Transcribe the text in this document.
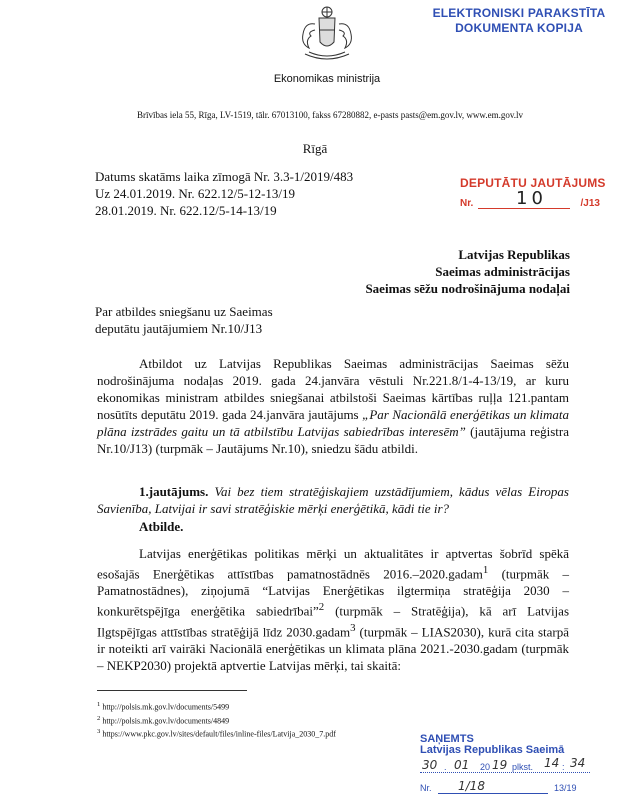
Ekonomikas ministrija
Brīvības iela 55, Rīga, LV-1519, tālr. 67013100, fakss 67280882, e-pasts pasts@em.gov.lv, www.em.gov.lv
ELEKTRONISKI PARAKSTĪTA
DOKUMENTA KOPIJA
Rīgā
Datums skatāms laika zīmogā Nr. 3.3-1/2019/483
Uz 24.01.2019. Nr. 622.12/5-12-13/19
28.01.2019. Nr. 622.12/5-14-13/19
DEPUTĀTU JAUTĀJUMS
Nr. 10	/J13
Latvijas Republikas
Saeimas administrācijas
Saeimas sēžu nodrošinājuma nodaļai
Par atbildes sniegšanu uz Saeimas
deputātu jautājumiem Nr.10/J13
Atbildot uz Latvijas Republikas Saeimas administrācijas Saeimas sēžu nodrošinājuma nodaļas 2019. gada 24.janvāra vēstuli Nr.221.8/1-4-13/19, ar kuru ekonomikas ministram atbildes sniegšanai atbilstoši Saeimas kārtības ruļļa 121.pantam nosūtīts deputātu 2019. gada 24.janvāra jautājums „Par Nacionālā enerģētikas un klimata plāna izstrādes gaitu un tā atbilstību Latvijas sabiedrības interesēm” (jautājuma reģistra Nr.10/J13) (turpmāk – Jautājums Nr.10), sniedzu šādu atbildi.
1.jautājums. Vai bez tiem stratēģiskajiem uzstādījumiem, kādus vēlas Eiropas Savienība, Latvijai ir savi stratēģiskie mērķi enerģētikā, kādi tie ir?
Atbilde.
Latvijas enerģētikas politikas mērķi un aktualitātes ir aptvertas šobrīd spēkā esošajās Enerģētikas attīstības pamatnostādnēs 2016.–2020.gadam$^1$ (turpmāk – Pamatnostādnes), ziņojumā “Latvijas Enerģētikas ilgtermiņa stratēģija 2030 – konkurētspējīga enerģētika sabiedrībai”$^2$ (turpmāk – Stratēģija), kā arī Latvijas Ilgtspējīgas attīstības stratēģijā līdz 2030.gadam$^3$ (turpmāk – LIAS2030), kurā cita starpā ir noteikti arī vairāki Nacionālā enerģētikas un klimata plāna 2021.-2030.gadam (turpmāk – NEKP2030) projektā aptvertie Latvijas mērķi, tai skaitā:
$^1$ http://polsis.mk.gov.lv/documents/5499
$^2$ http://polsis.mk.gov.lv/documents/4849
$^3$ https://www.pkc.gov.lv/sites/default/files/inline-files/Latvija_2030_7.pdf	SAŅEMTS
Latvijas Republikas Saeimā
30 . 01 20 19 plkst. 14 : 34
Nr. 1/18	13/19
